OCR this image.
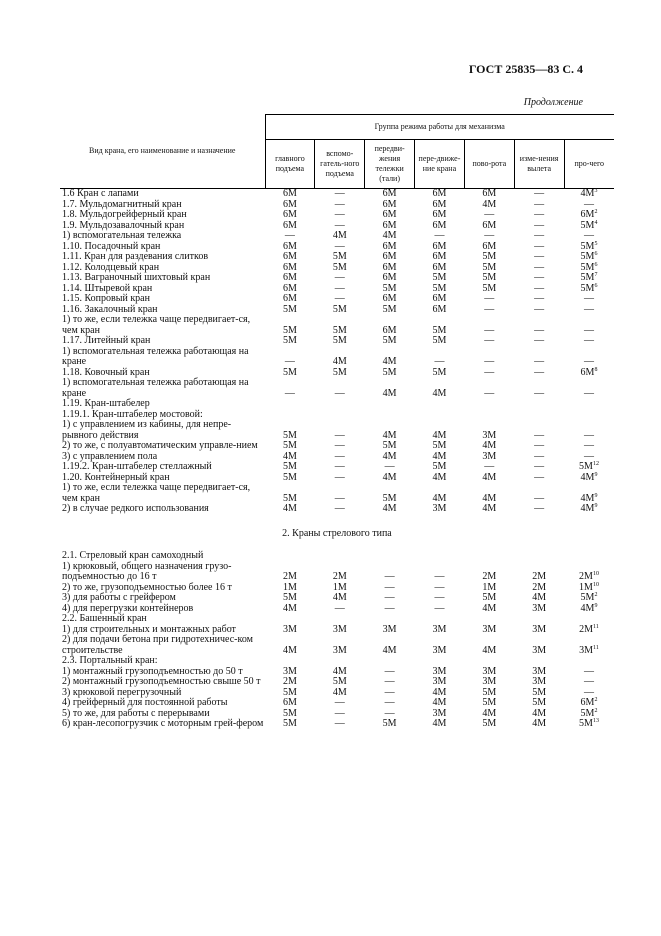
ГОСТ 25835—83 С. 4
Продолжение
Вид крана, его наименование и назначение	Группа режима работы для механизма						
	главного подъема	вспомо-гатель-ного подъема	передви-жения тележки (тали)	пере-движе-ние крана	пово-рота	изме-нения вылета	про-чего
1.6 Кран с лапами	6М	—	6М	6М	6М	—	$4М^3$
1.7. Мульдомагнитный кран	6М	—	6М	6М	4М	—	—
1.8. Мульдогрейферный кран	6М	—	6М	6М	—	—	$6М^2$
1.9. Мульдозавалочный кран	6М	—	6М	6М	6М	—	$5М^4$
1) вспомогательная тележка	—	4М	4М	—	—	—	—
1.10. Посадочный кран	6М	—	6М	6М	6М	—	$5М^5$
1.11. Кран для раздевания слитков	6М	5М	6М	6М	5М	—	$5М^6$
1.12. Колодцевый кран	6М	5М	6М	6М	5М	—	$5М^6$
1.13. Ваграночный шихтовый кран	6М	—	6М	5М	5М	—	$5М^7$
1.14. Штыревой кран	6М	—	5М	5М	5М	—	$5М^6$
1.15. Копровый кран	6М	—	6М	6М	—	—	—
1.16. Закалочный кран	5М	5М	5М	6М	—	—	—
1) то же, если тележка чаще передвигает-ся, чем кран	5М	5М	6М	5М	—	—	—
1.17. Литейный кран	5М	5М	5М	5М	—	—	—
1) вспомогательная тележка работающая на кране	—	4М	4М	—	—	—	—
1.18. Ковочный кран	5М	5М	5М	5М	—	—	$6М^8$
1) вспомогательная тележка работающая на кране	—	—	4М	4М	—	—	—
1.19. Кран-штабелер							
1.19.1. Кран-штабелер мостовой:							
1) с управлением из кабины, для непре-рывного действия	5М	—	4М	4М	3М	—	—
2) то же, с полуавтоматическим управле-нием	5М	—	5М	5М	4М	—	—
3) с управлением пола	4М	—	4М	4М	3М	—	—
1.19.2. Кран-штабелер стеллажный	5М	—	—	5М	—	—	$5М^{12}$
1.20. Контейнерный кран	5М	—	4М	4М	4М	—	$4М^9$
1) то же, если тележка чаще передвигает-ся, чем кран	5М	—	5М	4М	4М	—	$4М^9$
2) в случае редкого использования	4М	—	4М	3М	4М	—	$4М^9$
2. Краны стрелового типа							
2.1. Стреловый кран самоходный							
1) крюковый, общего назначения грузо-подъемностью до 16 т	2М	2М	—	—	2М	2М	$2М^{10}$
2) то же, грузоподъемностью более 16 т	1М	1М	—	—	1М	2М	$1М^{10}$
3) для работы с грейфером	5М	4М	—	—	5М	4М	$5М^2$
4) для перегрузки контейнеров	4М	—	—	—	4М	3М	$4М^9$
2.2. Башенный кран							
1) для строительных и монтажных работ	3М	3М	3М	3М	3М	3М	$2М^{11}$
2) для подачи бетона при гидротехничес-ком строительстве	4М	3М	4М	3М	4М	3М	$3М^{11}$
2.3. Портальный кран:							
1) монтажный грузоподъемностью до 50 т	3М	4М	—	3М	3М	3М	—
2) монтажный грузоподъемностью свыше 50 т	2М	5М	—	3М	3М	3М	—
3) крюковой перегрузочный	5М	4М	—	4М	5М	5М	—
4) грейферный для постоянной работы	6М	—	—	4М	5М	5М	$6М^2$
5) то же, для работы с перерывами	5М	—	—	3М	4М	4М	$5М^2$
6) кран-лесопогрузчик с моторным грей-фером	5М	—	5М	4М	5М	4М	$5М^{13}$
